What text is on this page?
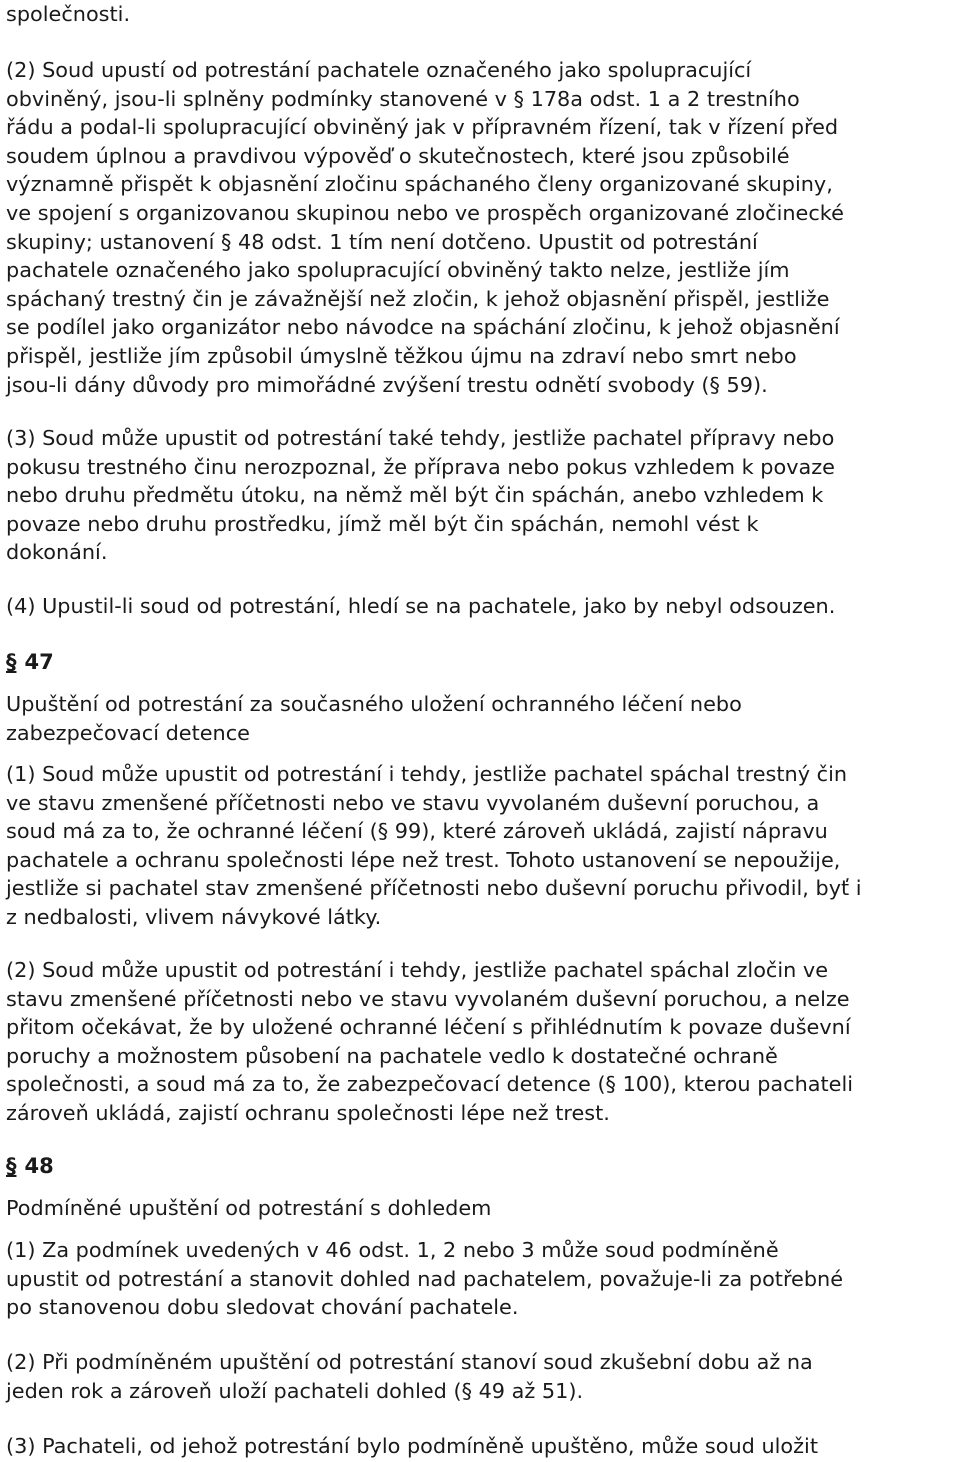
společnosti.
(2) Soud upustí od potrestání pachatele označeného jako spolupracující
obviněný, jsou-li splněny podmínky stanovené v § 178a odst. 1 a 2 trestního
řádu a podal-li spolupracující obviněný jak v přípravném řízení, tak v řízení před
soudem úplnou a pravdivou výpověď o skutečnostech, které jsou způsobilé
významně přispět k objasnění zločinu spáchaného členy organizované skupiny,
ve spojení s organizovanou skupinou nebo ve prospěch organizované zločinecké
skupiny; ustanovení § 48 odst. 1 tím není dotčeno. Upustit od potrestání
pachatele označeného jako spolupracující obviněný takto nelze, jestliže jím
spáchaný trestný čin je závažnější než zločin, k jehož objasnění přispěl, jestliže
se podílel jako organizátor nebo návodce na spáchání zločinu, k jehož objasnění
přispěl, jestliže jím způsobil úmyslně těžkou újmu na zdraví nebo smrt nebo
jsou-li dány důvody pro mimořádné zvýšení trestu odnětí svobody (§ 59).
(3) Soud může upustit od potrestání také tehdy, jestliže pachatel přípravy nebo
pokusu trestného činu nerozpoznal, že příprava nebo pokus vzhledem k povaze
nebo druhu předmětu útoku, na němž měl být čin spáchán, anebo vzhledem k
povaze nebo druhu prostředku, jímž měl být čin spáchán, nemohl vést k
dokonání.
(4) Upustil-li soud od potrestání, hledí se na pachatele, jako by nebyl odsouzen.
§ 47
Upuštění od potrestání za současného uložení ochranného léčení nebo
zabezpečovací detence
(1) Soud může upustit od potrestání i tehdy, jestliže pachatel spáchal trestný čin
ve stavu zmenšené příčetnosti nebo ve stavu vyvolaném duševní poruchou, a
soud má za to, že ochranné léčení (§ 99), které zároveň ukládá, zajistí nápravu
pachatele a ochranu společnosti lépe než trest. Tohoto ustanovení se nepoužije,
jestliže si pachatel stav zmenšené příčetnosti nebo duševní poruchu přivodil, byť i
z nedbalosti, vlivem návykové látky.
(2) Soud může upustit od potrestání i tehdy, jestliže pachatel spáchal zločin ve
stavu zmenšené příčetnosti nebo ve stavu vyvolaném duševní poruchou, a nelze
přitom očekávat, že by uložené ochranné léčení s přihlédnutím k povaze duševní
poruchy a možnostem působení na pachatele vedlo k dostatečné ochraně
společnosti, a soud má za to, že zabezpečovací detence (§ 100), kterou pachateli
zároveň ukládá, zajistí ochranu společnosti lépe než trest.
§ 48
Podmíněné upuštění od potrestání s dohledem
(1) Za podmínek uvedených v 46 odst. 1, 2 nebo 3 může soud podmíněně
upustit od potrestání a stanovit dohled nad pachatelem, považuje-li za potřebné
po stanovenou dobu sledovat chování pachatele.
(2) Při podmíněném upuštění od potrestání stanoví soud zkušební dobu až na
jeden rok a zároveň uloží pachateli dohled (§ 49 až 51).
(3) Pachateli, od jehož potrestání bylo podmíněně upuštěno, může soud uložit
